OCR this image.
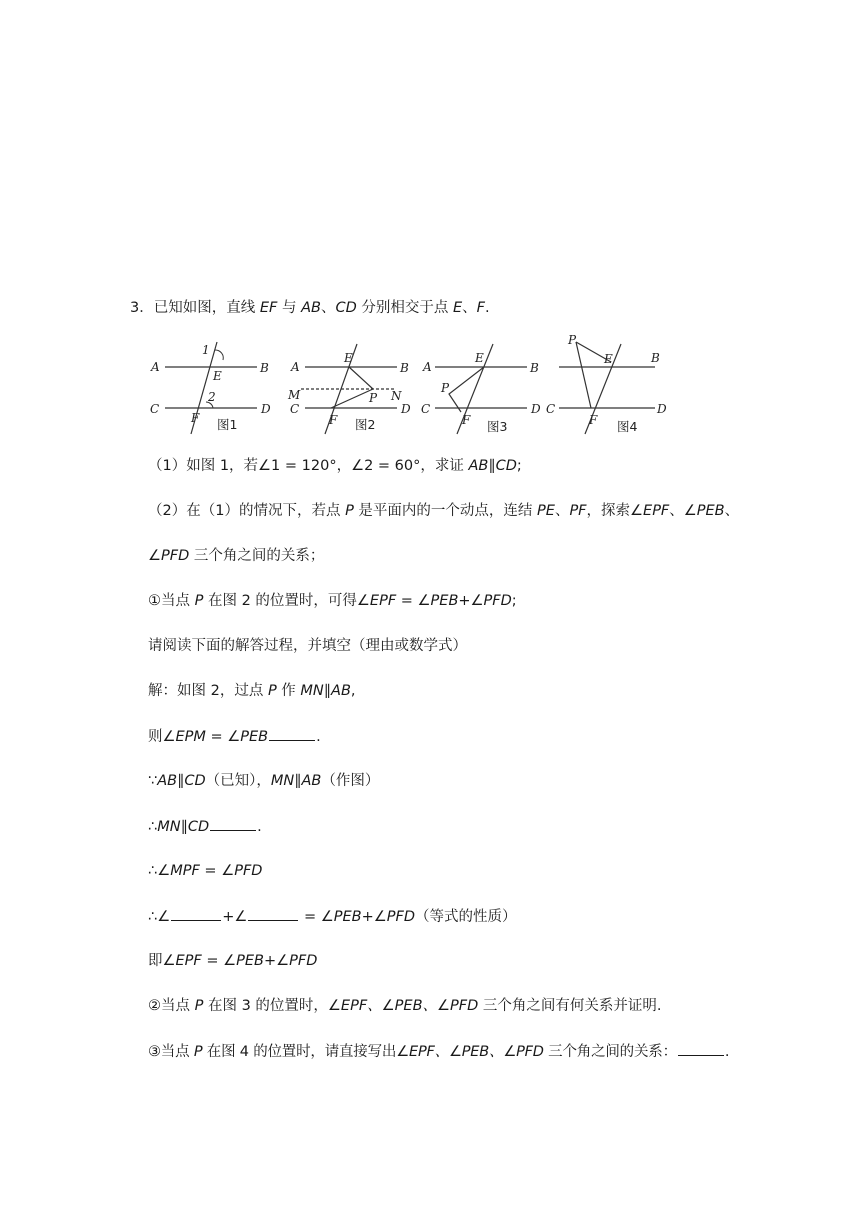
3．已知如图，直线 EF 与 AB、CD 分别相交于点 E、F.
A	B
C	D
E
F
1
2
图1
A	B
C	D
E
F
M	N
P
图2
A	B
C	D
E
F
P
图3
B
C	D
E
F
P
图4
（1）如图 1，若∠1 = 120°，∠2 = 60°，求证 AB∥CD;
（2）在（1）的情况下，若点 P 是平面内的一个动点，连结 PE、PF，探索∠EPF、∠PEB、
∠PFD 三个角之间的关系；
①当点 P 在图 2 的位置时，可得∠EPF = ∠PEB+∠PFD;
请阅读下面的解答过程，并填空（理由或数学式）
解：如图 2，过点 P 作 MN∥AB,
则∠EPM = ∠PEB	.
∵AB∥CD（已知），MN∥AB（作图）
∴MN∥CD	.
∴∠MPF = ∠PFD
∴∠	+∠	= ∠PEB+∠PFD（等式的性质）
即∠EPF = ∠PEB+∠PFD
②当点 P 在图 3 的位置时，∠EPF、∠PEB、∠PFD 三个角之间有何关系并证明.
③当点 P 在图 4 的位置时，请直接写出∠EPF、∠PEB、∠PFD 三个角之间的关系：	.
